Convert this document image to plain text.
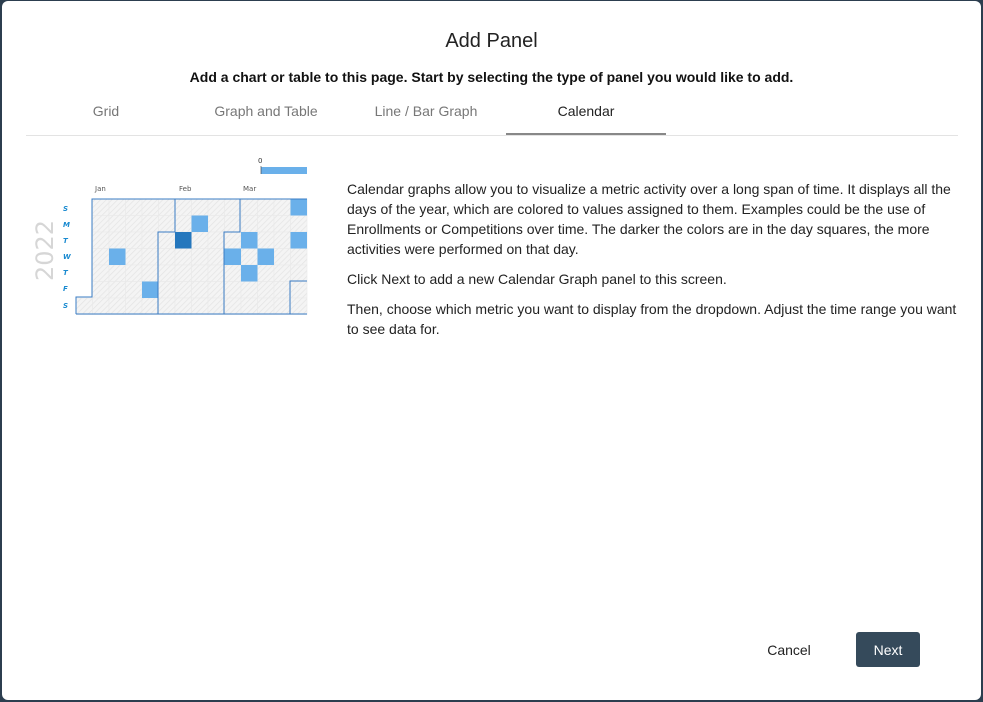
Add Panel
Add a chart or table to this page. Start by selecting the type of panel you would like to add.
Grid	Graph and Table	Line / Bar Graph	Calendar
0
2022
Jan	Feb	Mar
S
M
T
W
T
F
S

Calendar graphs allow you to visualize a metric activity over a long span of time. It displays all the days of the year, which are colored to values assigned to them. Examples could be the use of Enrollments or Competitions over time. The darker the colors are in the day squares, the more activities were performed on that day.

Click Next to add a new Calendar Graph panel to this screen.

Then, choose which metric you want to display from the dropdown. Adjust the time range you want to see data for.

Cancel	Next
